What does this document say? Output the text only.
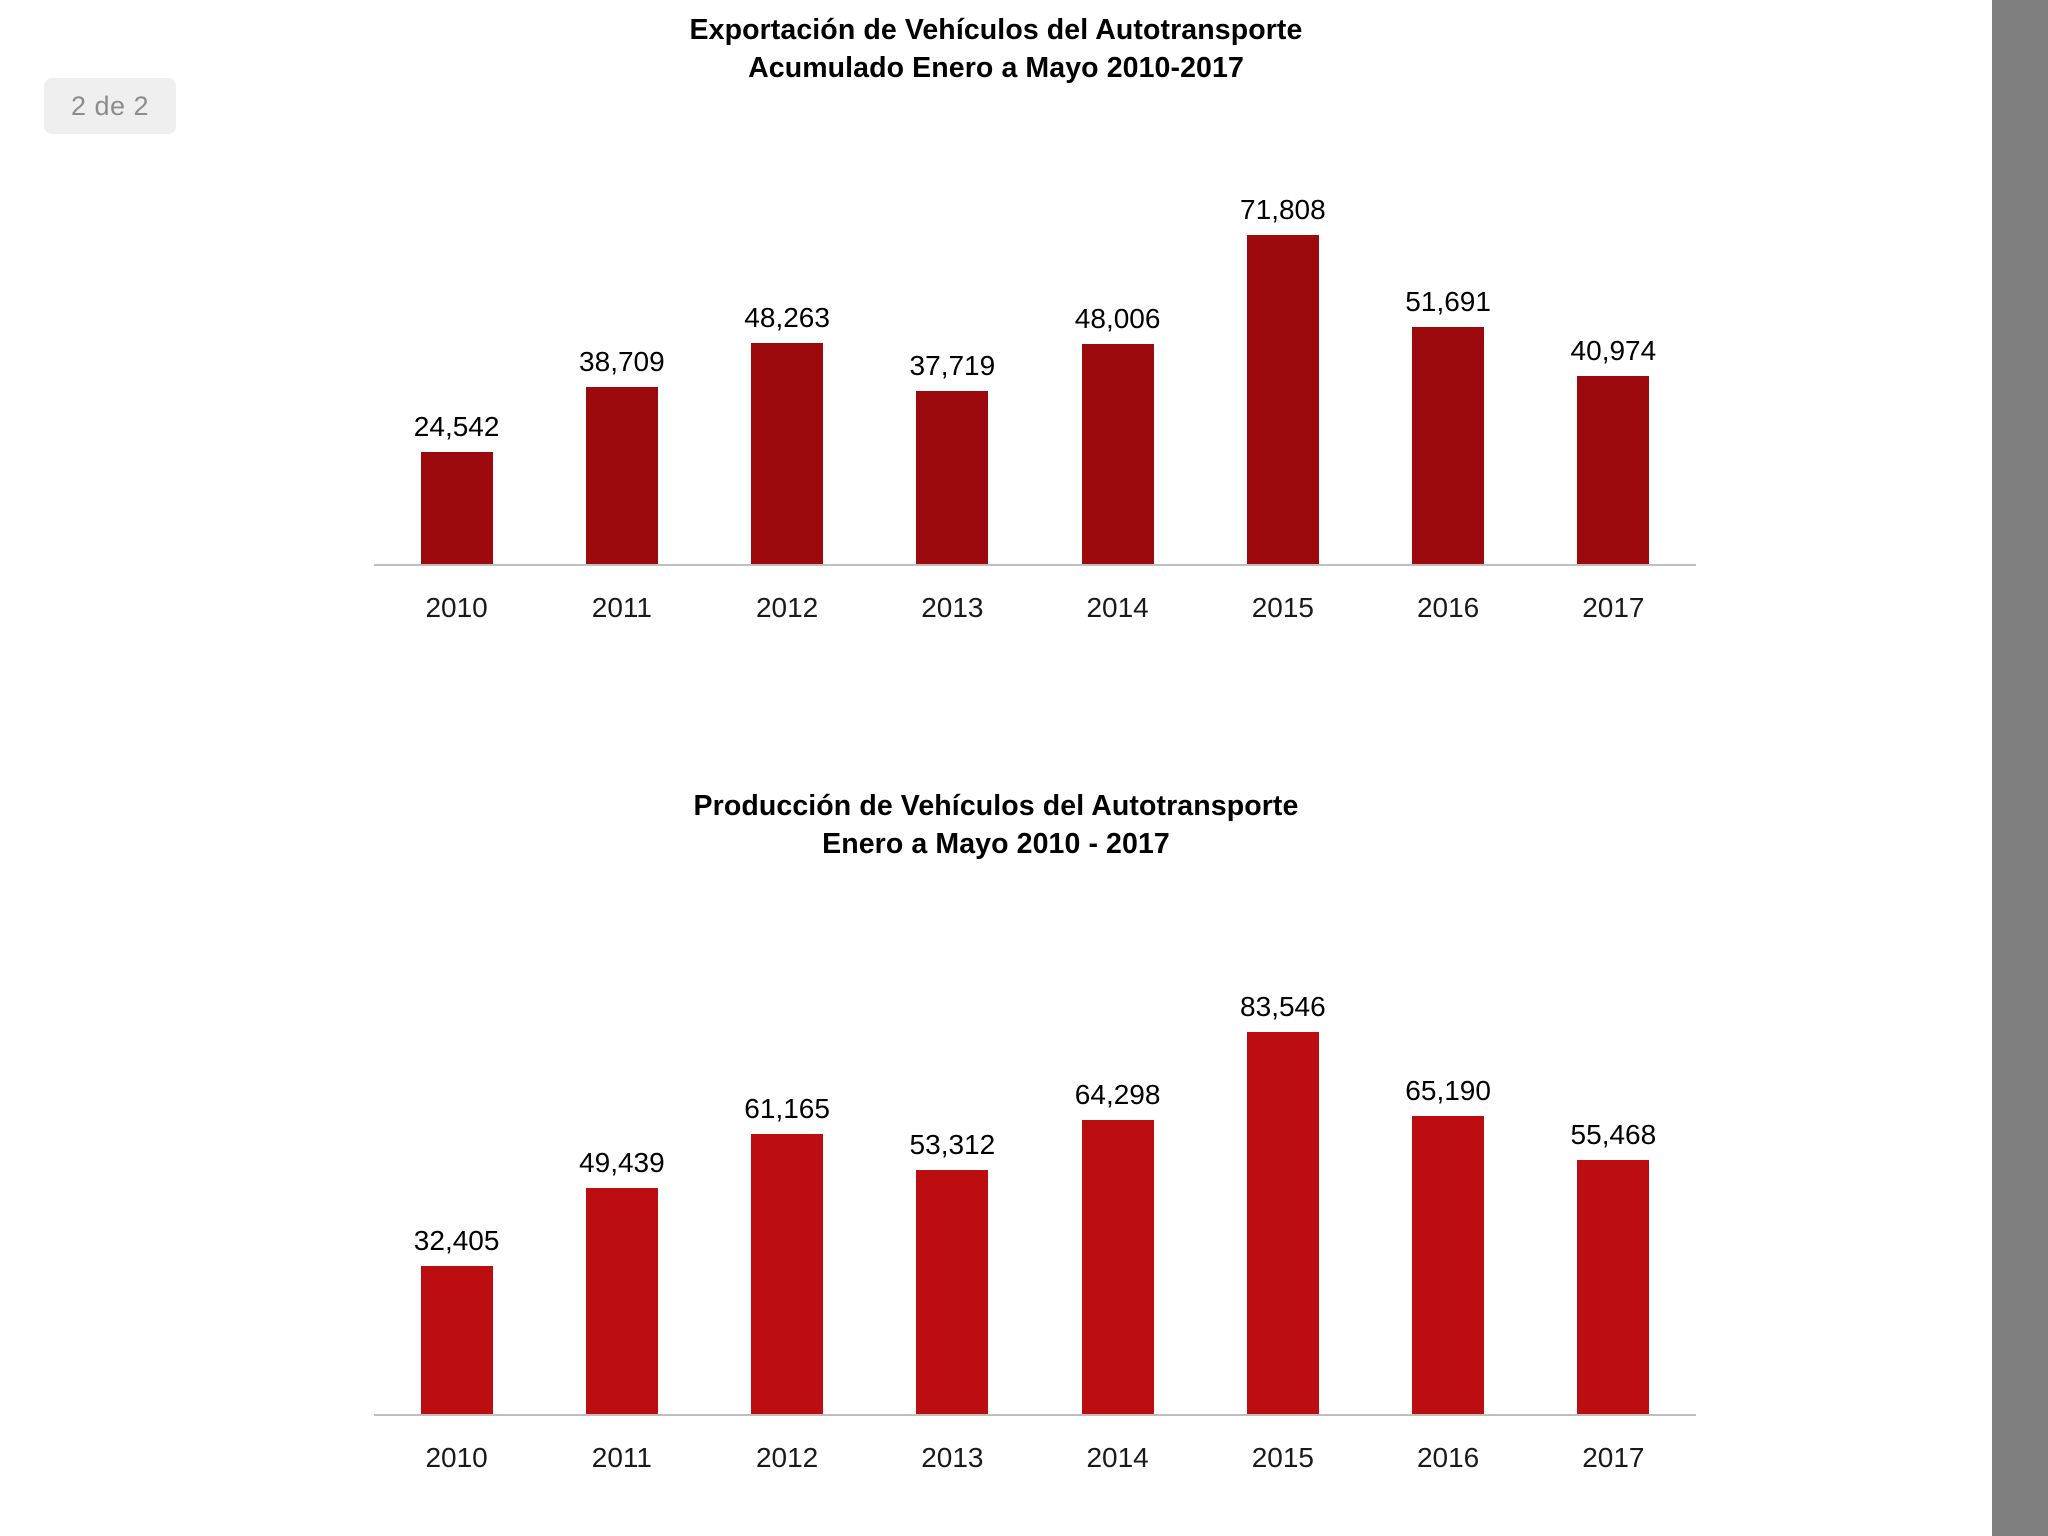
2 de 2
Exportación de Vehículos del Autotransporte
Acumulado Enero a Mayo 2010-2017
24,542
38,709
48,263
37,719
48,006
71,808
51,691
40,974
2010	2011	2012	2013	2014	2015	2016	2017
Producción de Vehículos del Autotransporte
Enero a Mayo 2010 - 2017
32,405
49,439
61,165
53,312
64,298
83,546
65,190
55,468
2010	2011	2012	2013	2014	2015	2016	2017
